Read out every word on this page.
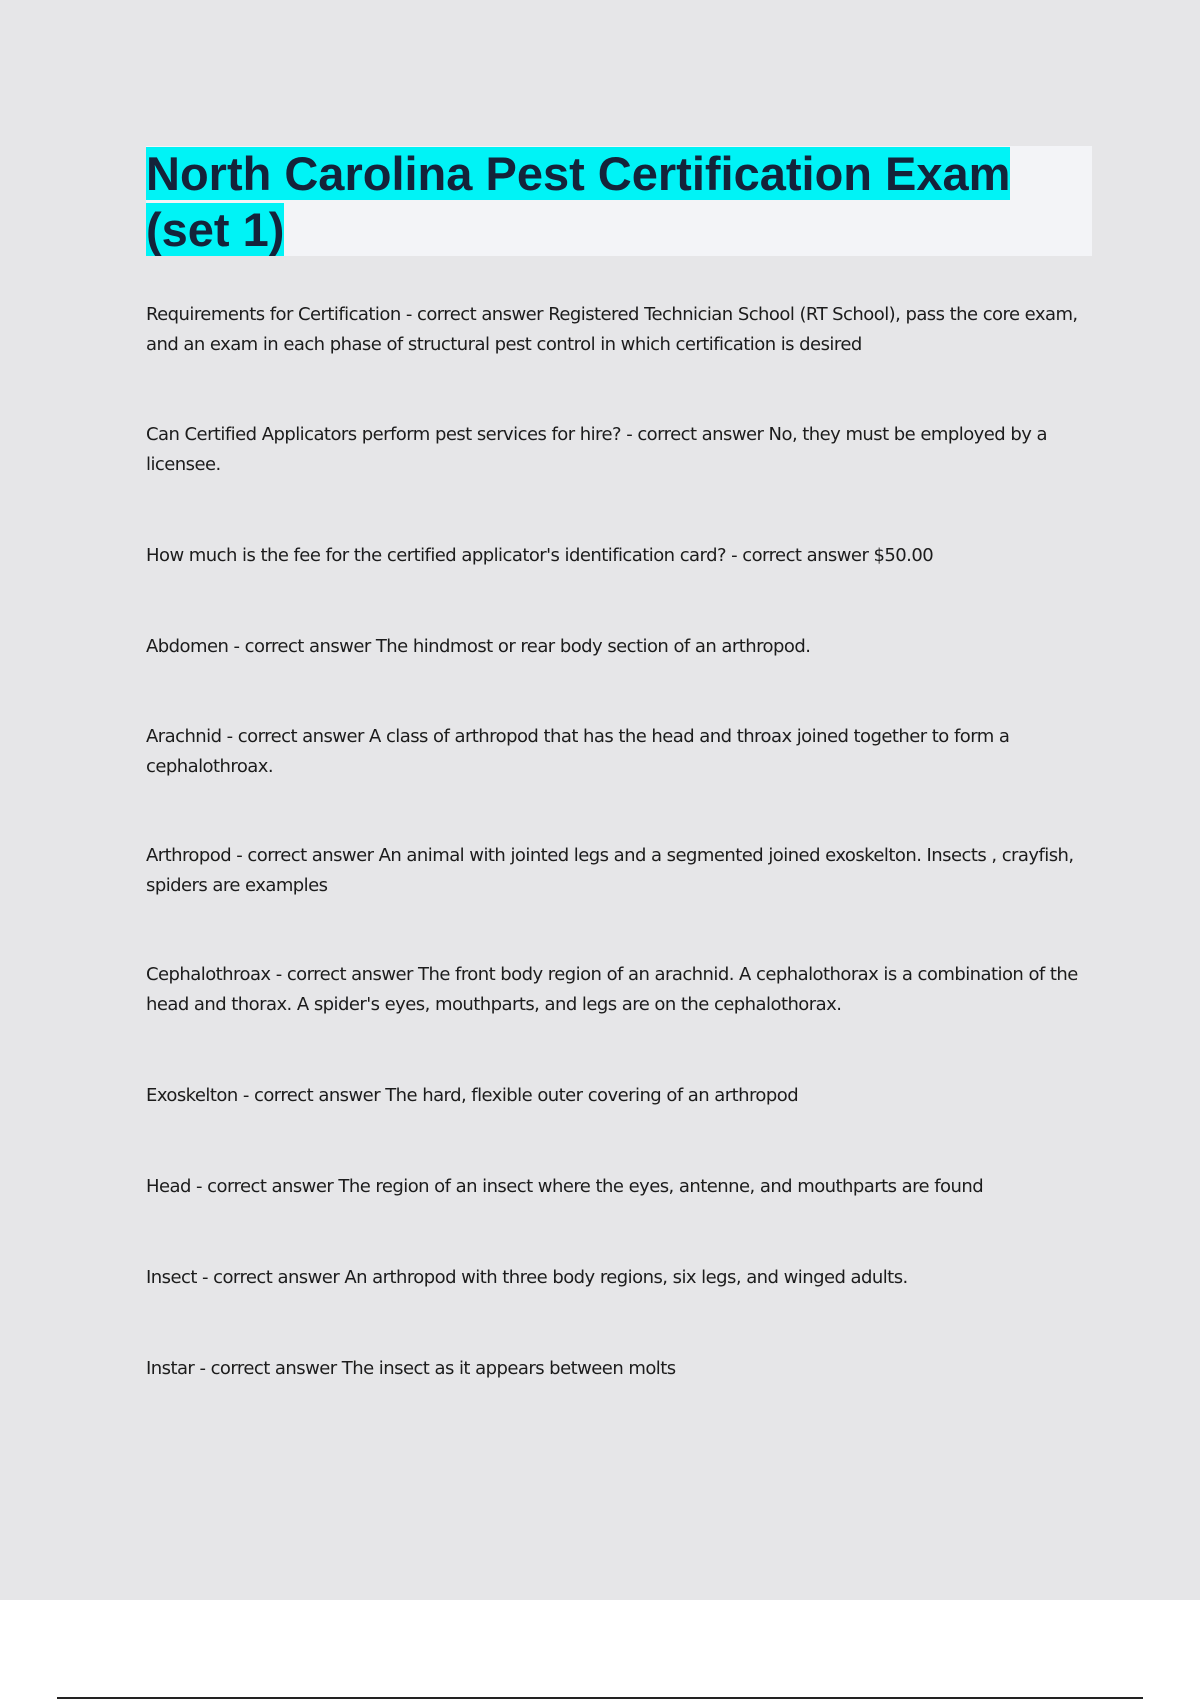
North Carolina Pest Certification Exam
(set 1)
Requirements for Certification - correct answer Registered Technician School (RT School), pass the core exam, and an exam in each phase of structural pest control in which certification is desired
Can Certified Applicators perform pest services for hire? - correct answer No, they must be employed by a licensee.
How much is the fee for the certified applicator's identification card? - correct answer $50.00
Abdomen - correct answer The hindmost or rear body section of an arthropod.
Arachnid - correct answer A class of arthropod that has the head and throax joined together to form a cephalothroax.
Arthropod - correct answer An animal with jointed legs and a segmented joined exoskelton. Insects , crayfish, spiders are examples
Cephalothroax - correct answer The front body region of an arachnid. A cephalothorax is a combination of the head and thorax. A spider's eyes, mouthparts, and legs are on the cephalothorax.
Exoskelton - correct answer The hard, flexible outer covering of an arthropod
Head - correct answer The region of an insect where the eyes, antenne, and mouthparts are found
Insect - correct answer An arthropod with three body regions, six legs, and winged adults.
Instar - correct answer The insect as it appears between molts
